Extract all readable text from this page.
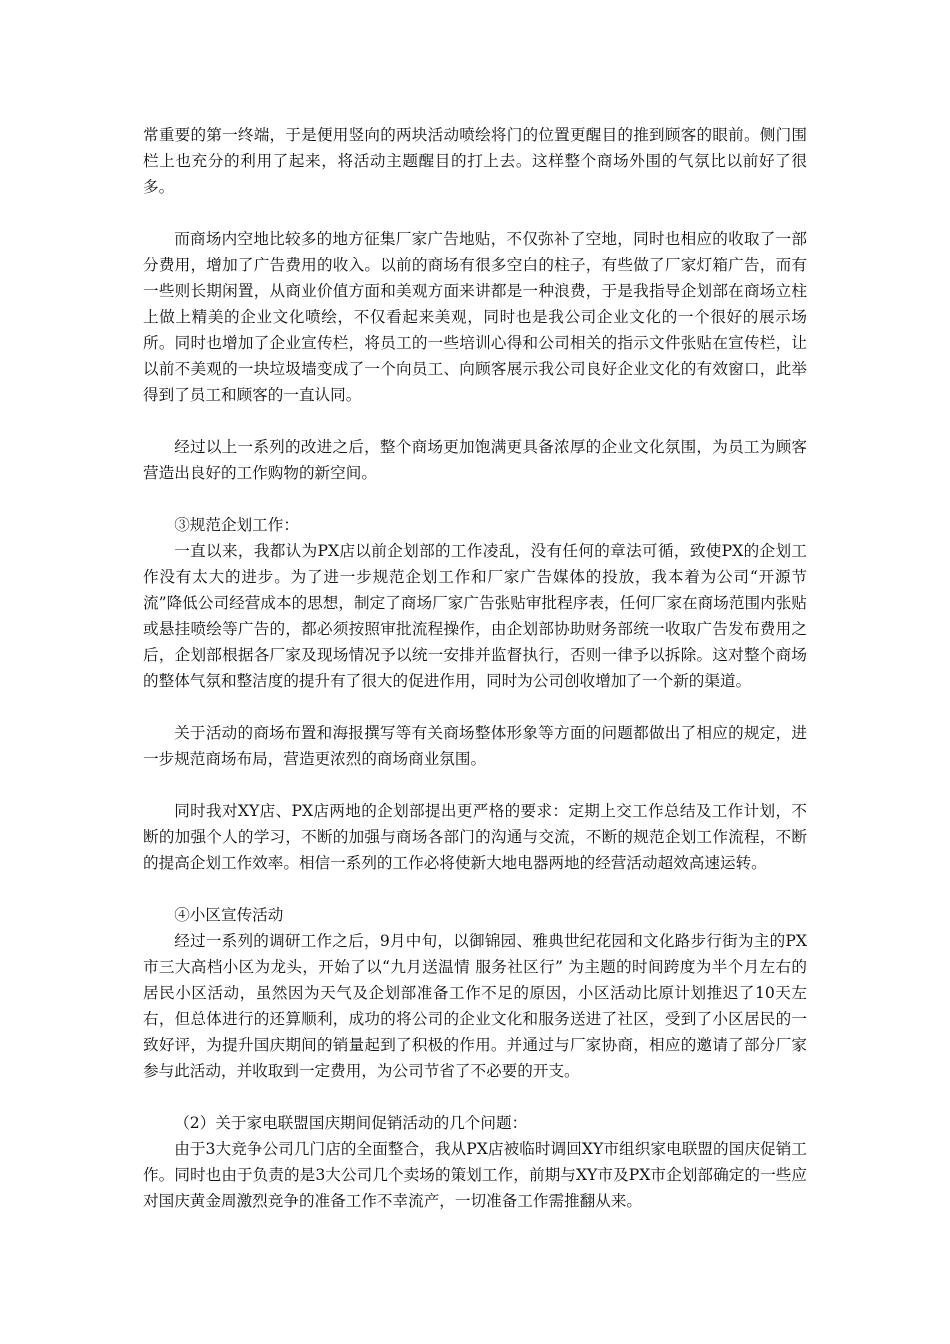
常重要的第一终端，于是便用竖向的两块活动喷绘将门的位置更醒目的推到顾客的眼前。侧门围栏上也充分的利用了起来，将活动主题醒目的打上去。这样整个商场外围的气氛比以前好了很多。

而商场内空地比较多的地方征集厂家广告地贴，不仅弥补了空地，同时也相应的收取了一部分费用，增加了广告费用的收入。以前的商场有很多空白的柱子，有些做了厂家灯箱广告，而有一些则长期闲置，从商业价值方面和美观方面来讲都是一种浪费，于是我指导企划部在商场立柱上做上精美的企业文化喷绘，不仅看起来美观，同时也是我公司企业文化的一个很好的展示场所。同时也增加了企业宣传栏，将员工的一些培训心得和公司相关的指示文件张贴在宣传栏，让以前不美观的一块垃圾墙变成了一个向员工、向顾客展示我公司良好企业文化的有效窗口，此举得到了员工和顾客的一直认同。

经过以上一系列的改进之后，整个商场更加饱满更具备浓厚的企业文化氛围，为员工为顾客营造出良好的工作购物的新空间。

③规范企划工作：

一直以来，我都认为PX店以前企划部的工作凌乱，没有任何的章法可循，致使PX的企划工作没有太大的进步。为了进一步规范企划工作和厂家广告媒体的投放，我本着为公司“开源节流”降低公司经营成本的思想，制定了商场厂家广告张贴审批程序表，任何厂家在商场范围内张贴或悬挂喷绘等广告的，都必须按照审批流程操作，由企划部协助财务部统一收取广告发布费用之后，企划部根据各厂家及现场情况予以统一安排并监督执行，否则一律予以拆除。这对整个商场的整体气氛和整洁度的提升有了很大的促进作用，同时为公司创收增加了一个新的渠道。

关于活动的商场布置和海报撰写等有关商场整体形象等方面的问题都做出了相应的规定，进一步规范商场布局，营造更浓烈的商场商业氛围。

同时我对XY店、PX店两地的企划部提出更严格的要求：定期上交工作总结及工作计划，不断的加强个人的学习，不断的加强与商场各部门的沟通与交流，不断的规范企划工作流程，不断的提高企划工作效率。相信一系列的工作必将使新大地电器两地的经营活动超效高速运转。

④小区宣传活动

经过一系列的调研工作之后，9月中旬，以御锦园、雅典世纪花园和文化路步行街为主的PX市三大高档小区为龙头，开始了以“九月送温情 服务社区行” 为主题的时间跨度为半个月左右的居民小区活动，虽然因为天气及企划部准备工作不足的原因，小区活动比原计划推迟了10天左右，但总体进行的还算顺利，成功的将公司的企业文化和服务送进了社区，受到了小区居民的一致好评，为提升国庆期间的销量起到了积极的作用。并通过与厂家协商，相应的邀请了部分厂家参与此活动，并收取到一定费用，为公司节省了不必要的开支。

（2）关于家电联盟国庆期间促销活动的几个问题：

由于3大竞争公司几门店的全面整合，我从PX店被临时调回XY市组织家电联盟的国庆促销工作。同时也由于负责的是3大公司几个卖场的策划工作，前期与XY市及PX市企划部确定的一些应对国庆黄金周激烈竞争的准备工作不幸流产，一切准备工作需推翻从来。
